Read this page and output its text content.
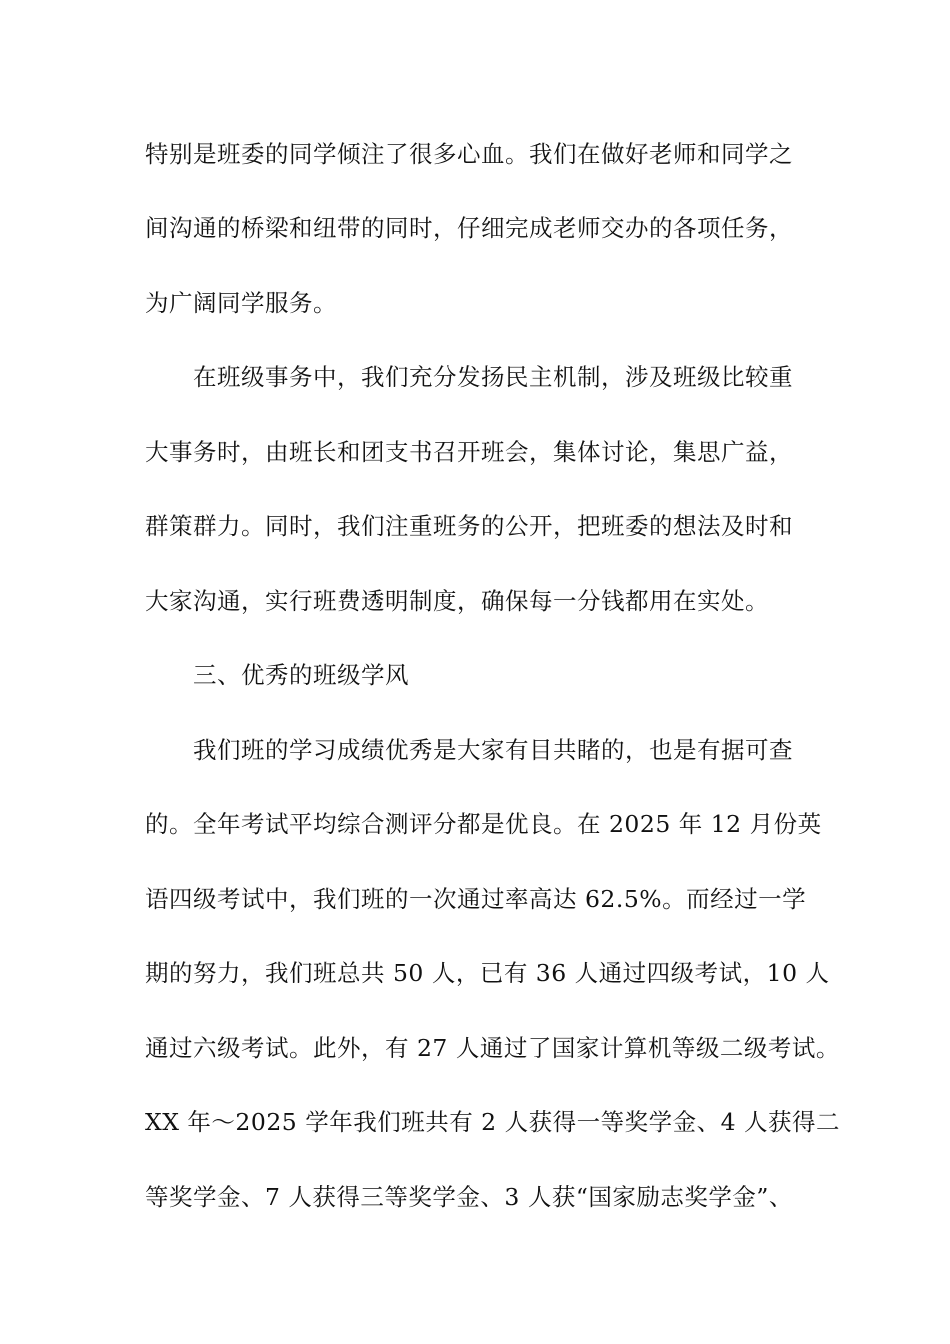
特别是班委的同学倾注了很多心血。我们在做好老师和同学之
间沟通的桥梁和纽带的同时，仔细完成老师交办的各项任务，
为广阔同学服务。
在班级事务中，我们充分发扬民主机制，涉及班级比较重
大事务时，由班长和团支书召开班会，集体讨论，集思广益，
群策群力。同时，我们注重班务的公开，把班委的想法及时和
大家沟通，实行班费透明制度，确保每一分钱都用在实处。
三、优秀的班级学风
我们班的学习成绩优秀是大家有目共睹的，也是有据可查
的。全年考试平均综合测评分都是优良。在 2025 年 12 月份英
语四级考试中，我们班的一次通过率高达 62.5%。而经过一学
期的努力，我们班总共 50 人，已有 36 人通过四级考试，10 人
通过六级考试。此外，有 27 人通过了国家计算机等级二级考试。
XX 年～2025 学年我们班共有 2 人获得一等奖学金、4 人获得二
等奖学金、7 人获得三等奖学金、3 人获“国家励志奖学金”、
